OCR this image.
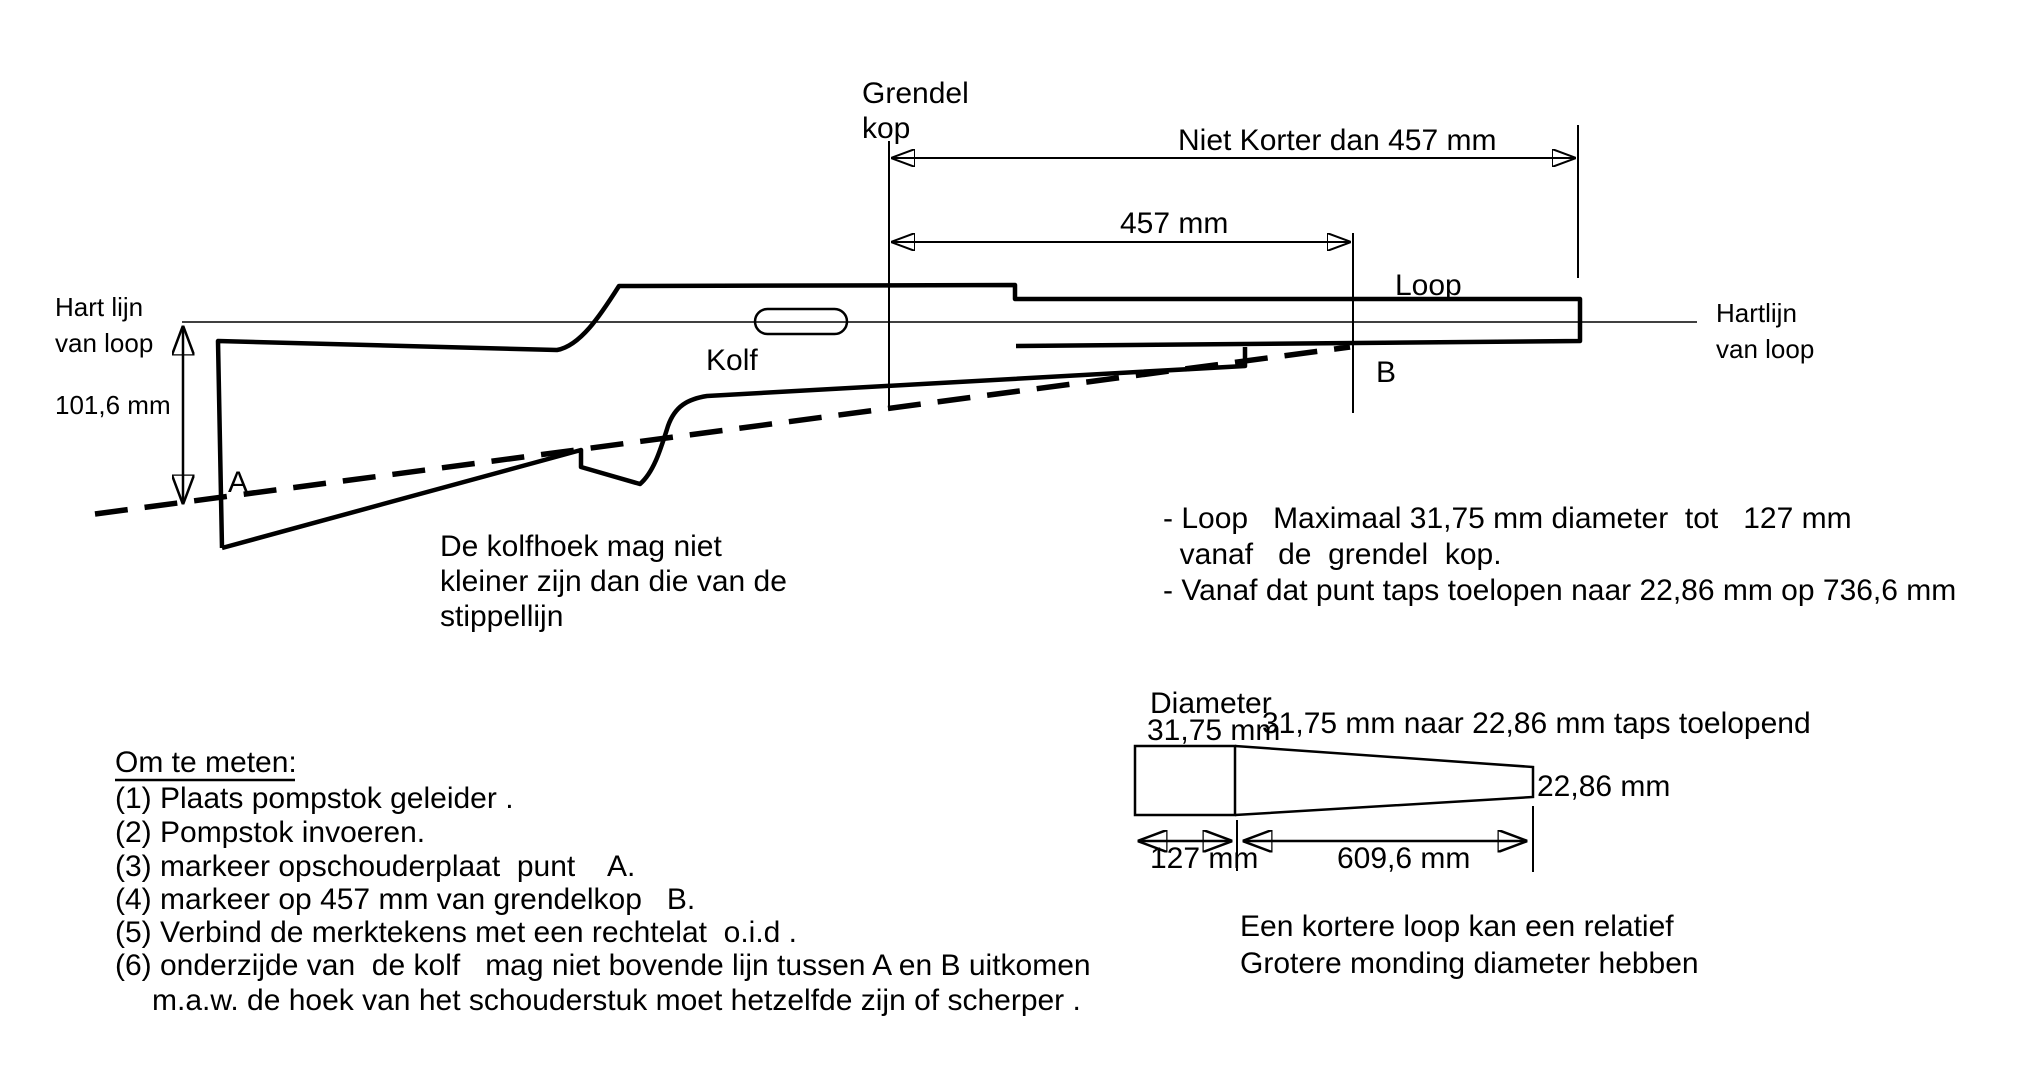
Grendel
kop	Niet Korter dan 457 mm
457 mm
Loop
Hart lijn
van loop
101,6 mm
Hartlijn
van loop
Kolf
A
B
De kolfhoek mag niet
kleiner zijn dan die van de
stippellijn
- Loop   Maximaal 31,75 mm diameter  tot   127 mm
vanaf   de  grendel  kop.
- Vanaf dat punt taps toelopen naar 22,86 mm op 736,6 mm
Diameter
31,75 mm
31,75 mm naar 22,86 mm taps toelopend
22,86 mm
127 mm	609,6 mm
Een kortere loop kan een relatief
Grotere monding diameter hebben
Om te meten:
(1) Plaats pompstok geleider .
(2) Pompstok invoeren.
(3) markeer opschouderplaat  punt    A.
(4) markeer op 457 mm van grendelkop   B.
(5) Verbind de merktekens met een rechtelat  o.i.d .
(6) onderzijde van  de kolf   mag niet bovende lijn tussen A en B uitkomen
m.a.w. de hoek van het schouderstuk moet hetzelfde zijn of scherper .
